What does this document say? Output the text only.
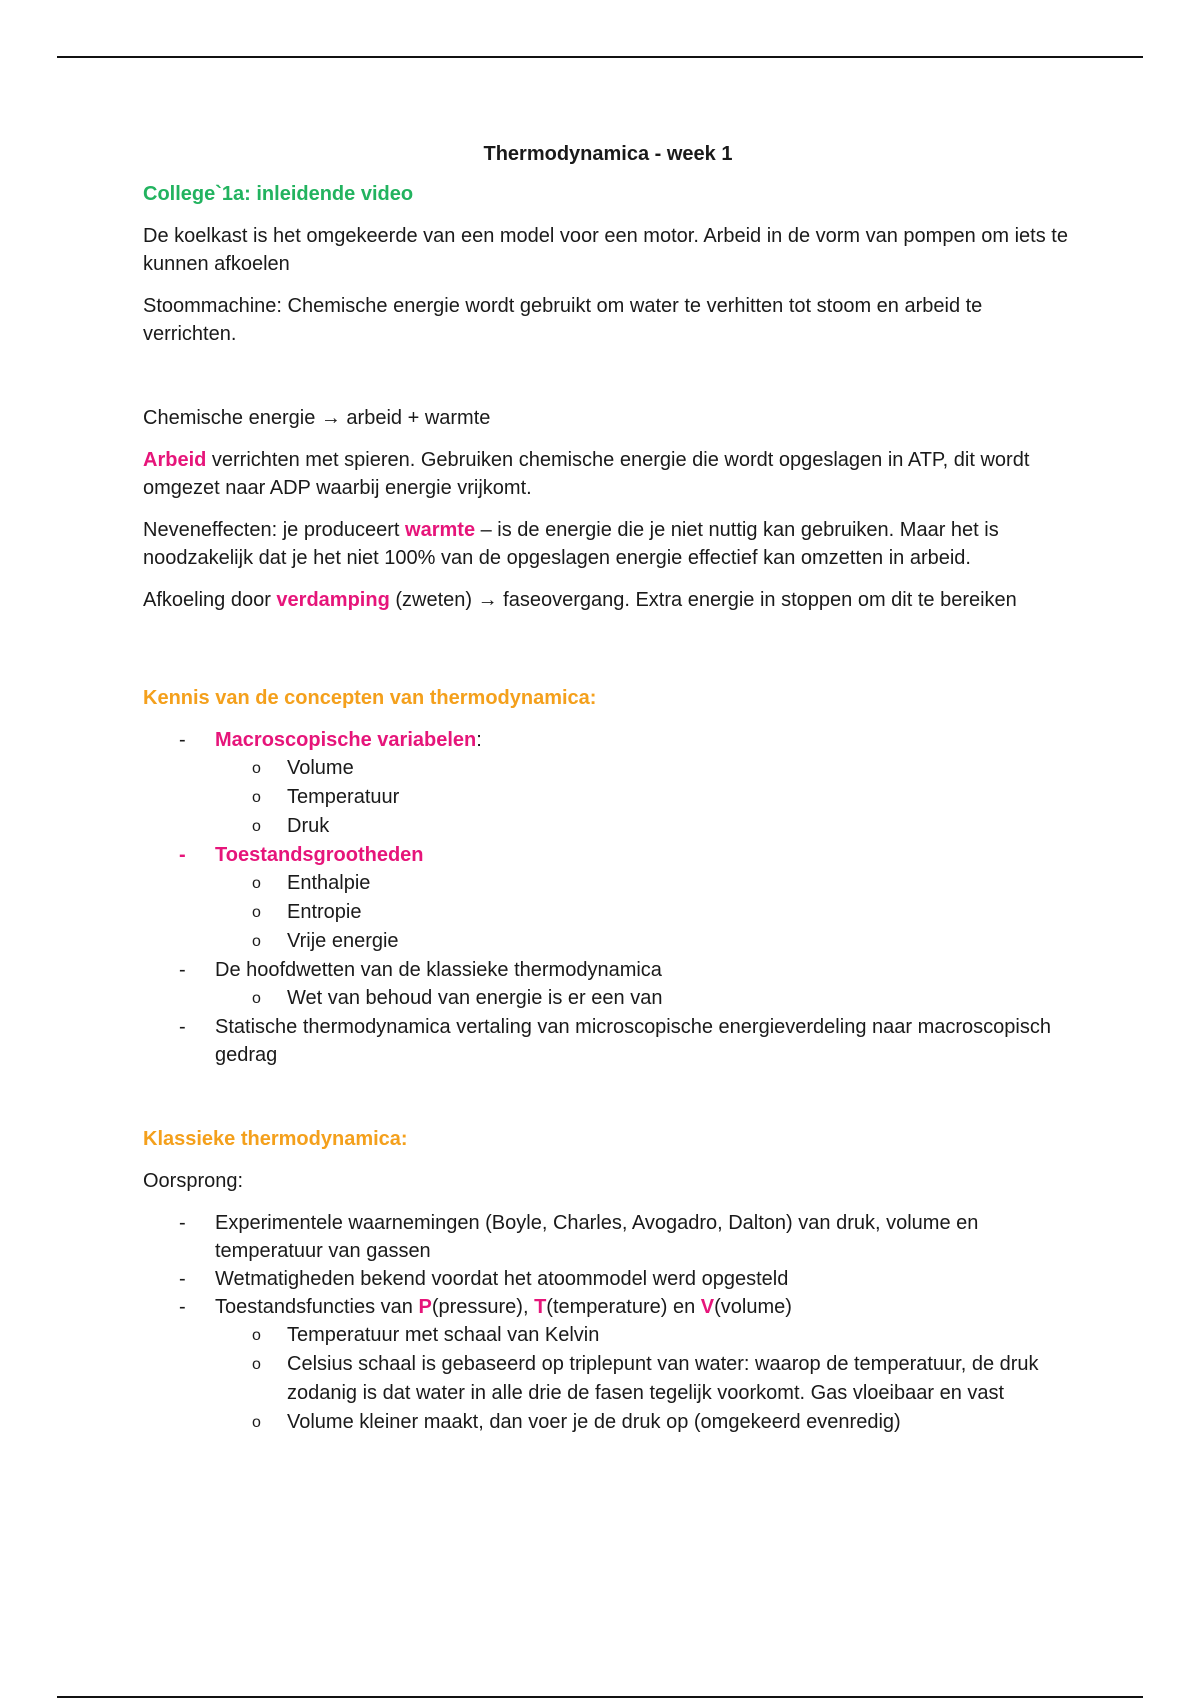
Thermodynamica - week 1
College`1a: inleidende video

De koelkast is het omgekeerde van een model voor een motor. Arbeid in de vorm van pompen om iets te kunnen afkoelen

Stoommachine: Chemische energie wordt gebruikt om water te verhitten tot stoom en arbeid te verrichten.

Chemische energie → arbeid + warmte

Arbeid verrichten met spieren. Gebruiken chemische energie die wordt opgeslagen in ATP, dit wordt omgezet naar ADP waarbij energie vrijkomt.

Neveneffecten: je produceert warmte – is de energie die je niet nuttig kan gebruiken. Maar het is noodzakelijk dat je het niet 100% van de opgeslagen energie effectief kan omzetten in arbeid.

Afkoeling door verdamping (zweten) → faseovergang. Extra energie in stoppen om dit te bereiken

Kennis van de concepten van thermodynamica:
- Macroscopische variabelen:
o Volume
o Temperatuur
o Druk
- Toestandsgrootheden
o Enthalpie
o Entropie
o Vrije energie
- De hoofdwetten van de klassieke thermodynamica
o Wet van behoud van energie is er een van
- Statische thermodynamica vertaling van microscopische energieverdeling naar macroscopisch gedrag
Klassieke thermodynamica:

Oorsprong:

- Experimentele waarnemingen (Boyle, Charles, Avogadro, Dalton) van druk, volume en temperatuur van gassen
- Wetmatigheden bekend voordat het atoommodel werd opgesteld
- Toestandsfuncties van P(pressure), T(temperature) en V(volume)
o Temperatuur met schaal van Kelvin
o Celsius schaal is gebaseerd op triplepunt van water: waarop de temperatuur, de druk zodanig is dat water in alle drie de fasen tegelijk voorkomt. Gas vloeibaar en vast
o Volume kleiner maakt, dan voer je de druk op (omgekeerd evenredig)
